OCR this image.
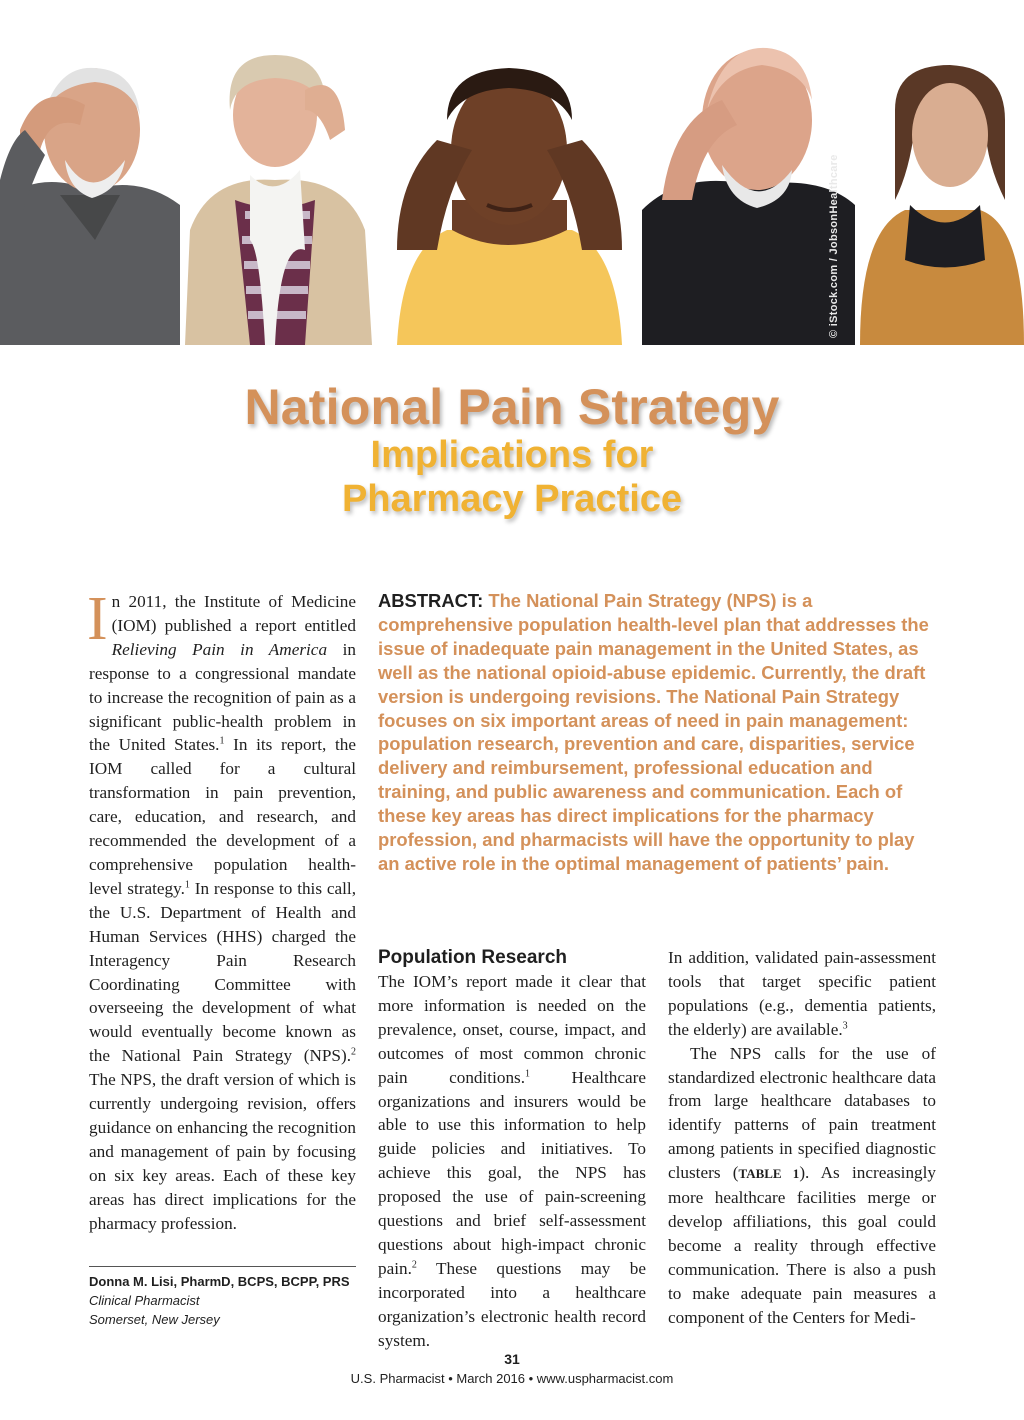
© iStock.com / JobsonHealthcare
National Pain Strategy
Implications for
Pharmacy Practice
In 2011, the Institute of Medicine (IOM) published a report entitled Relieving Pain in America in response to a congressional mandate to increase the recognition of pain as a significant public-health problem in the United States.$^1$ In its report, the IOM called for a cultural transformation in pain prevention, care, education, and research, and recommended the development of a comprehensive population health-level strategy.$^1$ In response to this call, the U.S. Department of Health and Human Services (HHS) charged the Interagency Pain Research Coordinating Committee with overseeing the development of what would eventually become known as the National Pain Strategy (NPS).$^2$ The NPS, the draft version of which is currently undergoing revision, offers guidance on enhancing the recognition and management of pain by focusing on six key areas. Each of these key areas has direct implications for the pharmacy profession.
Donna M. Lisi, PharmD, BCPS, BCPP, PRS
Clinical Pharmacist
Somerset, New Jersey
ABSTRACT: The National Pain Strategy (NPS) is a comprehensive population health-level plan that addresses the issue of inadequate pain management in the United States, as well as the national opioid-abuse epidemic. Currently, the draft version is undergoing revisions. The National Pain Strategy focuses on six important areas of need in pain management: population research, prevention and care, disparities, service delivery and reimbursement, professional education and training, and public awareness and communication. Each of these key areas has direct implications for the pharmacy profession, and pharmacists will have the opportunity to play an active role in the optimal management of patients’ pain.
Population Research
The IOM’s report made it clear that more information is needed on the prevalence, onset, course, impact, and outcomes of most common chronic pain conditions.$^1$ Healthcare organizations and insurers would be able to use this information to help guide policies and initiatives. To achieve this goal, the NPS has proposed the use of pain-screening questions and brief self-assessment questions about high-impact chronic pain.$^2$ These questions may be incorporated into a healthcare organization’s electronic health record system.

In addition, validated pain-assessment tools that target specific patient populations (e.g., dementia patients, the elderly) are available.$^3$

The NPS calls for the use of standardized electronic healthcare data from large healthcare databases to identify patterns of pain treatment among patients in specified diagnostic clusters (TABLE 1). As increasingly more healthcare facilities merge or develop affiliations, this goal could become a reality through effective communication. There is also a push to make adequate pain measures a component of the Centers for Medi-

31
U.S. Pharmacist • March 2016 • www.uspharmacist.com
